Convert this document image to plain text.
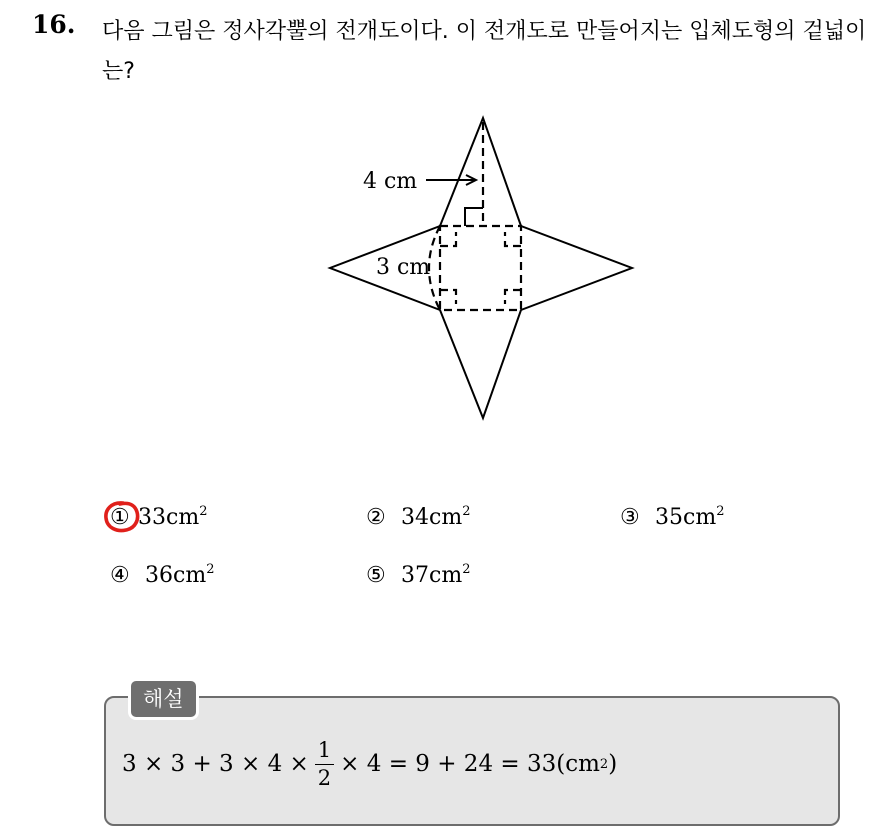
16. 다음 그림은 정사각뿔의 전개도이다. 이 전개도로 만들어지는 입체도형의 겉넓이는?
4 cm
3 cm
① $33cm^2$	② $34cm^2$	③ $35cm^2$
④ $36cm^2$	⑤ $37cm^2$
해설
$3 \times 3 + 3 \times 4 \times \frac{1}{2} \times 4 = 9 + 24 = 33(cm$ 2 )
